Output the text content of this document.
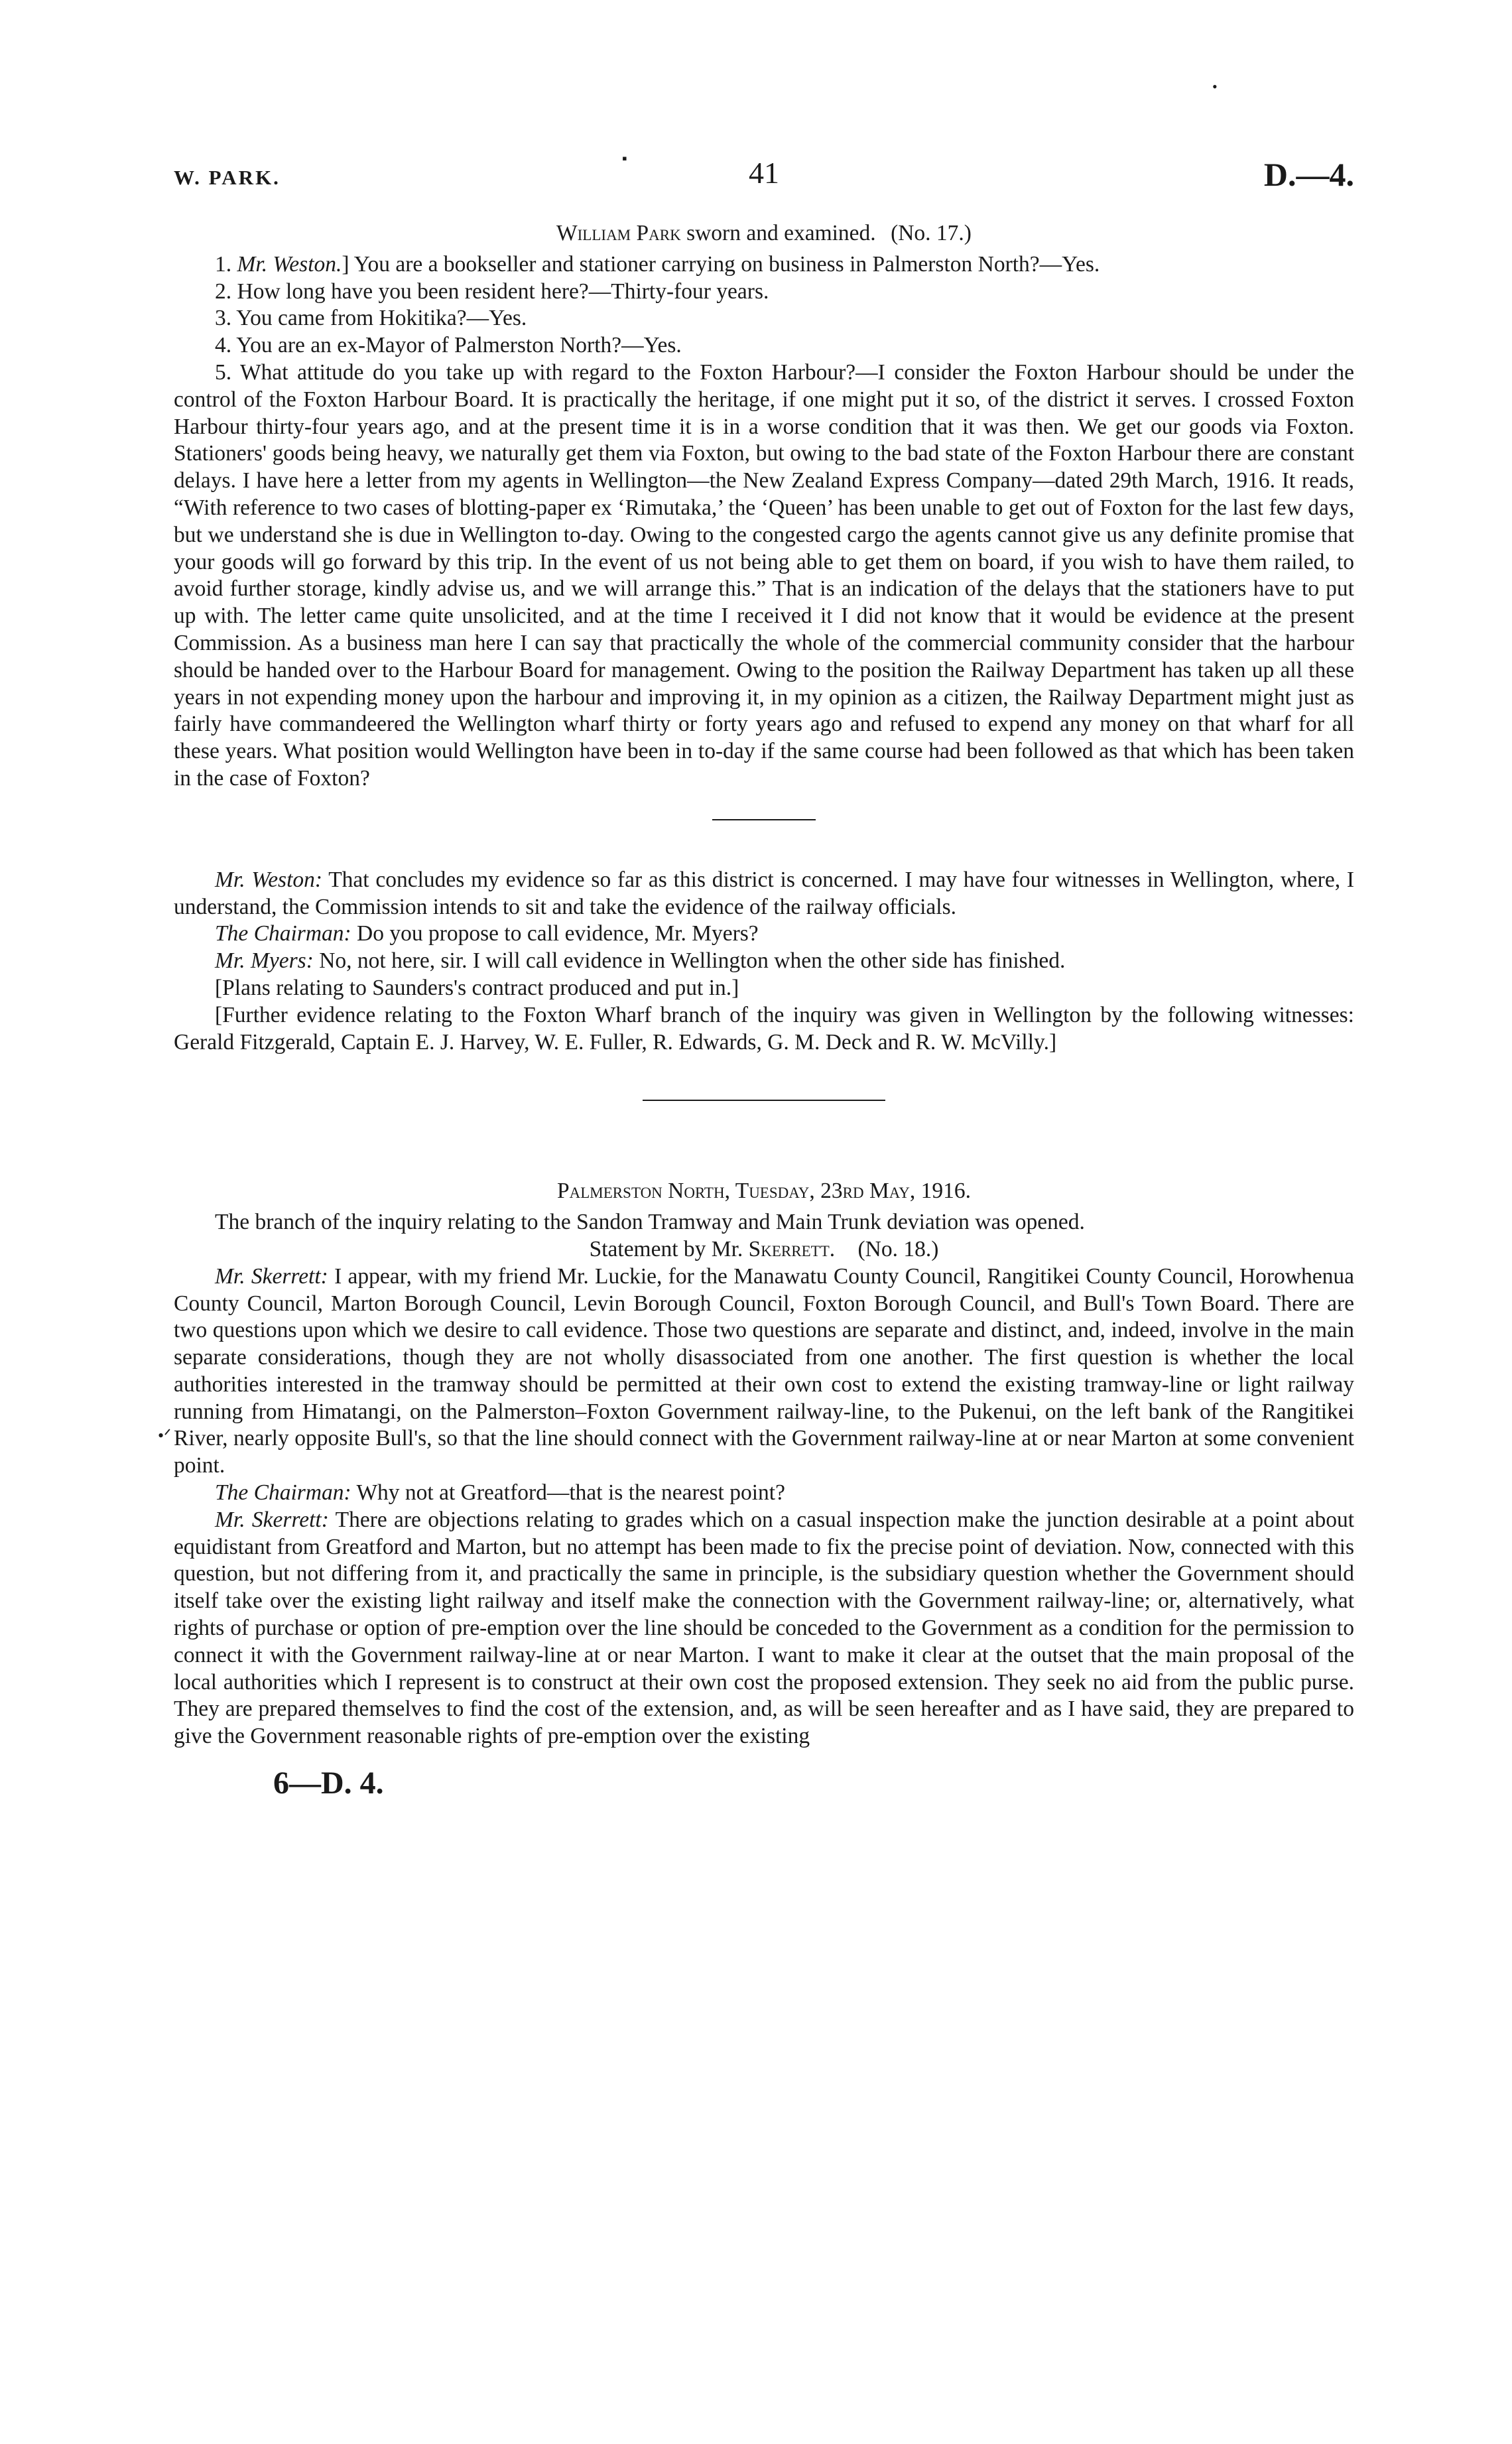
•
▪
•ᐟ
W. PARK.	41	D.—4.

William Park sworn and examined. (No. 17.)

1. Mr. Weston.] You are a bookseller and stationer carrying on business in Palmerston North?—Yes.

2. How long have you been resident here?—Thirty-four years.

3. You came from Hokitika?—Yes.

4. You are an ex-Mayor of Palmerston North?—Yes.

5. What attitude do you take up with regard to the Foxton Harbour?—I consider the Foxton Harbour should be under the control of the Foxton Harbour Board. It is practically the heritage, if one might put it so, of the district it serves. I crossed Foxton Harbour thirty-four years ago, and at the present time it is in a worse condition that it was then. We get our goods via Foxton. Stationers' goods being heavy, we naturally get them via Foxton, but owing to the bad state of the Foxton Harbour there are constant delays. I have here a letter from my agents in Wellington—the New Zealand Express Company—dated 29th March, 1916. It reads, “With reference to two cases of blotting-paper ex ‘Rimutaka,’ the ‘Queen’ has been unable to get out of Foxton for the last few days, but we understand she is due in Wellington to-day. Owing to the congested cargo the agents cannot give us any definite promise that your goods will go forward by this trip. In the event of us not being able to get them on board, if you wish to have them railed, to avoid further storage, kindly advise us, and we will arrange this.” That is an indication of the delays that the stationers have to put up with. The letter came quite unsolicited, and at the time I received it I did not know that it would be evidence at the present Commission. As a business man here I can say that practically the whole of the commercial community consider that the harbour should be handed over to the Harbour Board for management. Owing to the position the Railway Department has taken up all these years in not expending money upon the harbour and improving it, in my opinion as a citizen, the Railway Department might just as fairly have commandeered the Wellington wharf thirty or forty years ago and refused to expend any money on that wharf for all these years. What position would Wellington have been in to-day if the same course had been followed as that which has been taken in the case of Foxton?

Mr. Weston: That concludes my evidence so far as this district is concerned. I may have four witnesses in Wellington, where, I understand, the Commission intends to sit and take the evidence of the railway officials.

The Chairman: Do you propose to call evidence, Mr. Myers?

Mr. Myers: No, not here, sir. I will call evidence in Wellington when the other side has finished.

[Plans relating to Saunders's contract produced and put in.]

[Further evidence relating to the Foxton Wharf branch of the inquiry was given in Wellington by the following witnesses: Gerald Fitzgerald, Captain E. J. Harvey, W. E. Fuller, R. Edwards, G. M. Deck and R. W. McVilly.]

Palmerston North, Tuesday, 23rd May, 1916.

The branch of the inquiry relating to the Sandon Tramway and Main Trunk deviation was opened.

Statement by Mr. Skerrett. (No. 18.)

Mr. Skerrett: I appear, with my friend Mr. Luckie, for the Manawatu County Council, Rangitikei County Council, Horowhenua County Council, Marton Borough Council, Levin Borough Council, Foxton Borough Council, and Bull's Town Board. There are two questions upon which we desire to call evidence. Those two questions are separate and distinct, and, indeed, involve in the main separate considerations, though they are not wholly disassociated from one another. The first question is whether the local authorities interested in the tramway should be permitted at their own cost to extend the existing tramway-line or light railway running from Himatangi, on the Palmerston–Foxton Government railway-line, to the Pukenui, on the left bank of the Rangitikei River, nearly opposite Bull's, so that the line should connect with the Government railway-line at or near Marton at some convenient point.

The Chairman: Why not at Greatford—that is the nearest point?

Mr. Skerrett: There are objections relating to grades which on a casual inspection make the junction desirable at a point about equidistant from Greatford and Marton, but no attempt has been made to fix the precise point of deviation. Now, connected with this question, but not differing from it, and practically the same in principle, is the subsidiary question whether the Government should itself take over the existing light railway and itself make the connection with the Government railway-line; or, alternatively, what rights of purchase or option of pre-emption over the line should be conceded to the Government as a condition for the permission to connect it with the Government railway-line at or near Marton. I want to make it clear at the outset that the main proposal of the local authorities which I represent is to construct at their own cost the proposed extension. They seek no aid from the public purse. They are prepared themselves to find the cost of the extension, and, as will be seen hereafter and as I have said, they are prepared to give the Government reasonable rights of pre-emption over the existing

6—D. 4.
